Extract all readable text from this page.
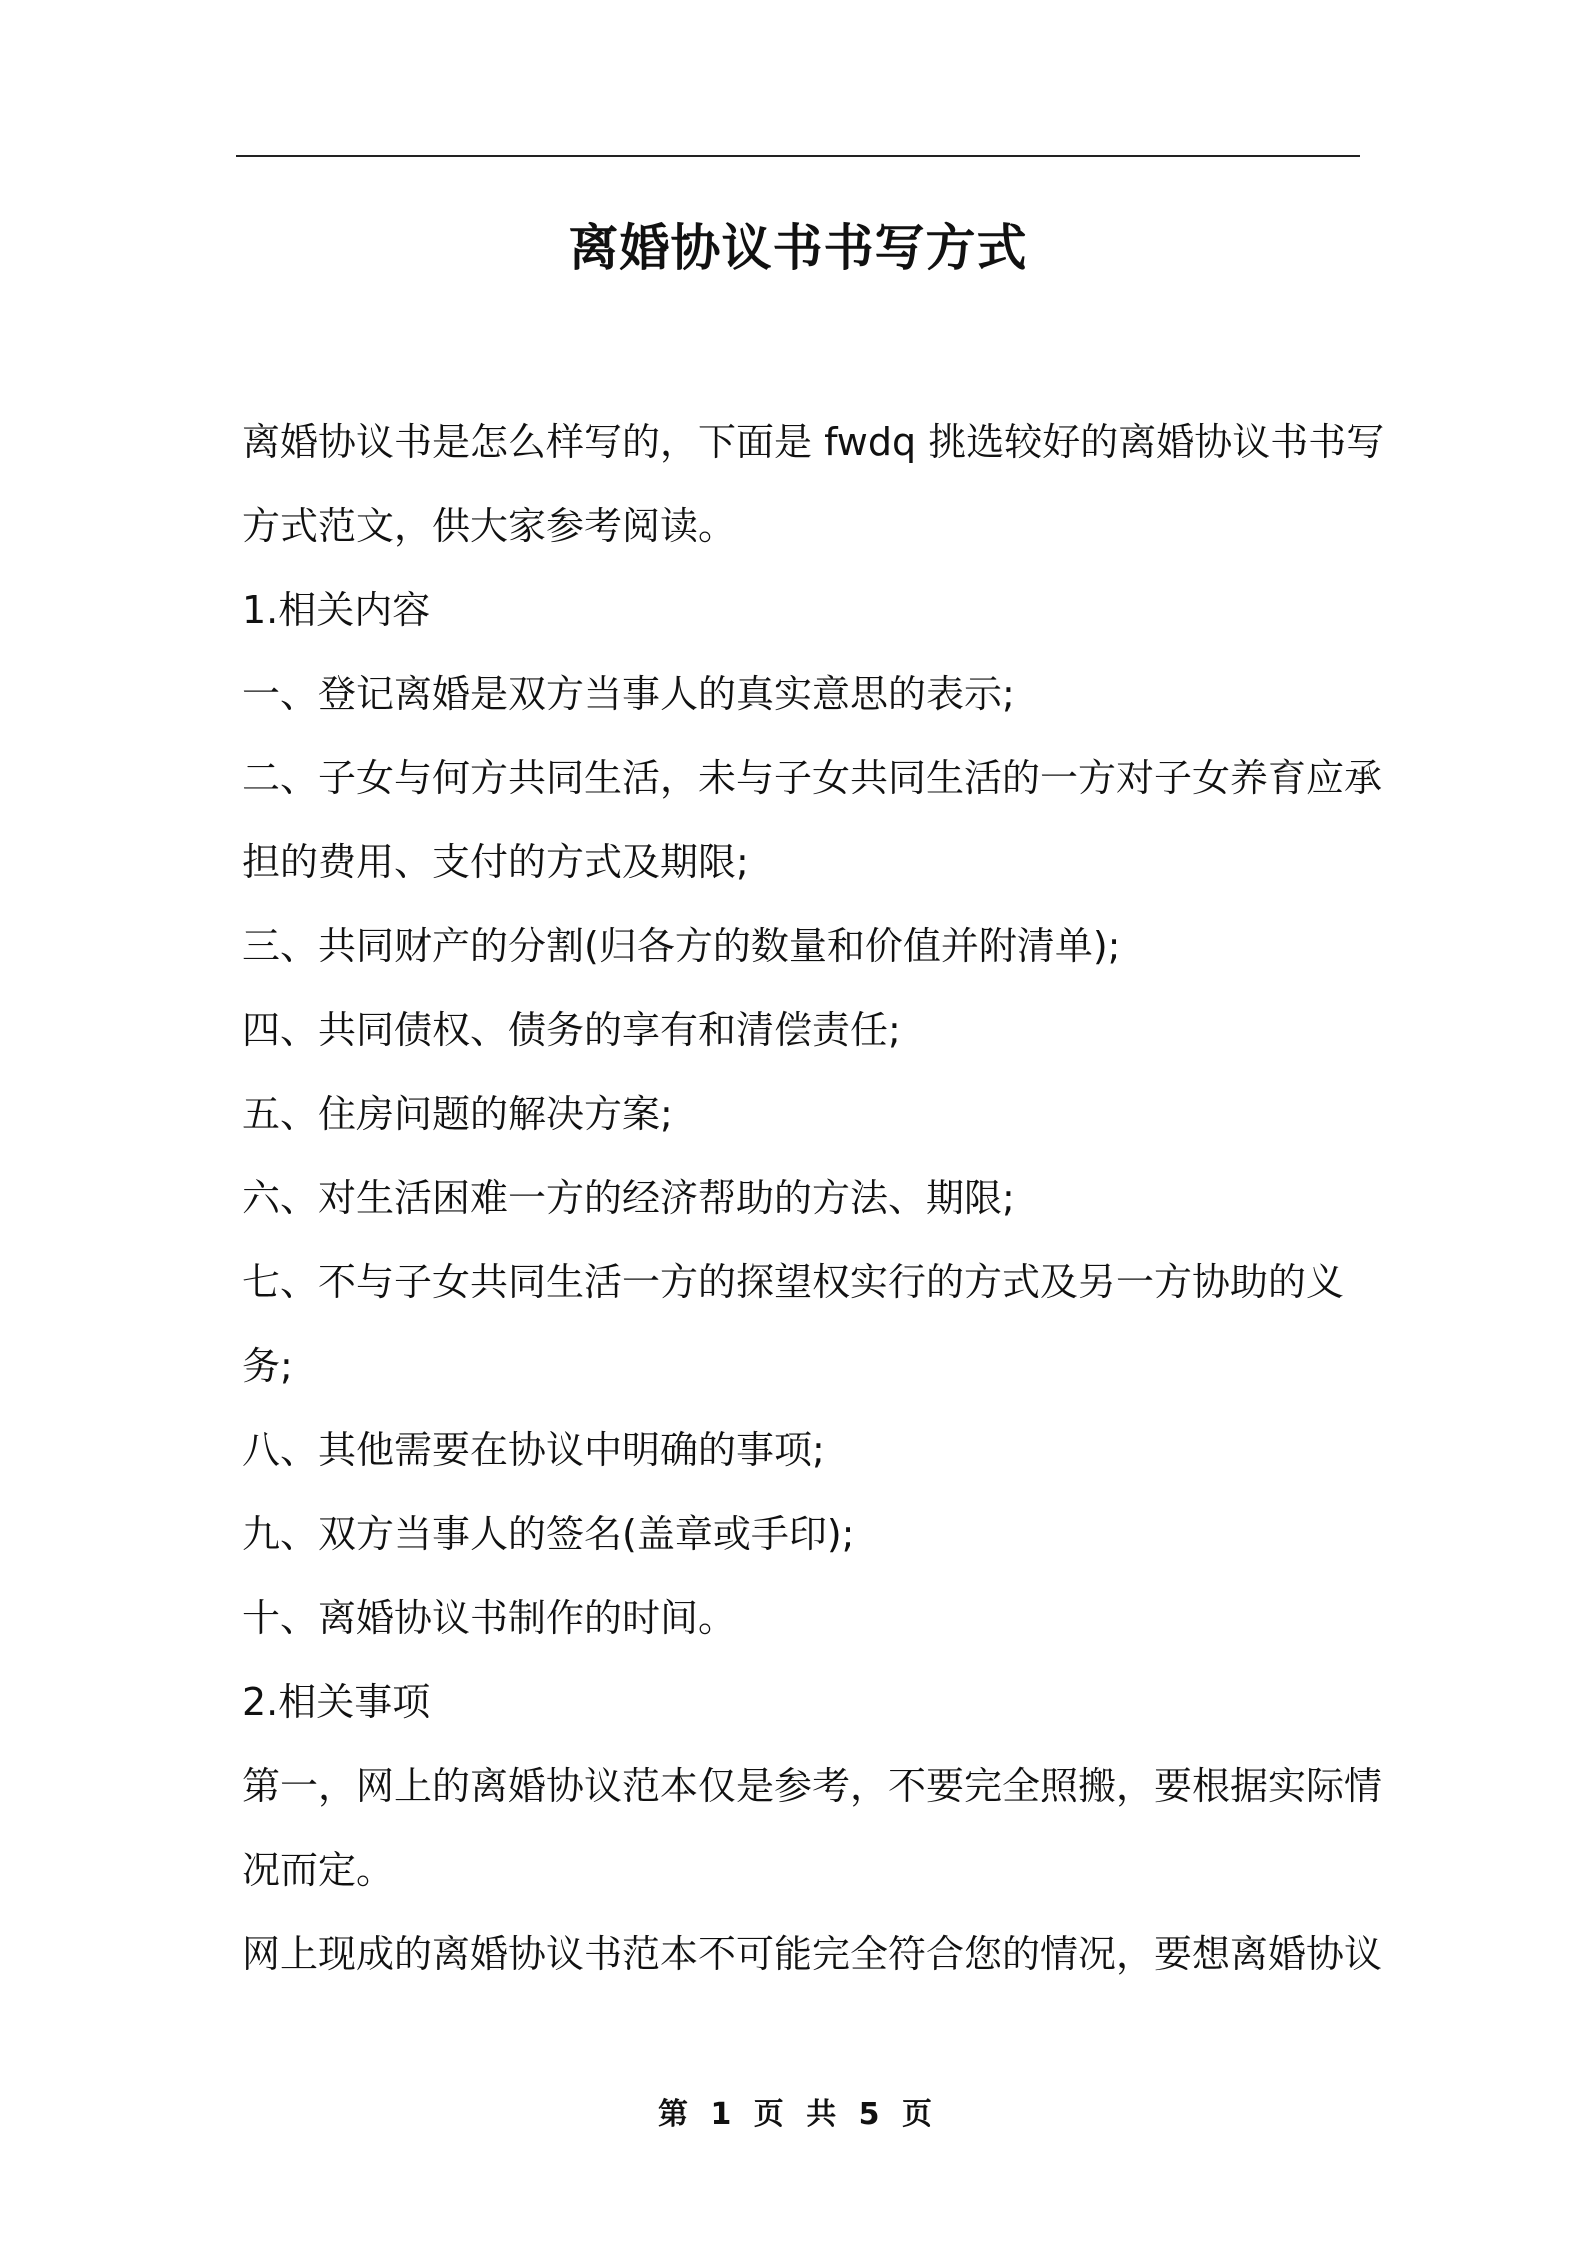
离婚协议书书写方式

离婚协议书是怎么样写的，下面是 fwdq 挑选较好的离婚协议书书写

方式范文，供大家参考阅读。

1.相关内容

一、登记离婚是双方当事人的真实意思的表示;

二、子女与何方共同生活，未与子女共同生活的一方对子女养育应承

担的费用、支付的方式及期限;

三、共同财产的分割(归各方的数量和价值并附清单);

四、共同债权、债务的享有和清偿责任;

五、住房问题的解决方案;

六、对生活困难一方的经济帮助的方法、期限;

七、不与子女共同生活一方的探望权实行的方式及另一方协助的义

务;

八、其他需要在协议中明确的事项;

九、双方当事人的签名(盖章或手印);

十、离婚协议书制作的时间。

2.相关事项

第一，网上的离婚协议范本仅是参考，不要完全照搬，要根据实际情

况而定。

网上现成的离婚协议书范本不可能完全符合您的情况，要想离婚协议

第 1 页 共 5 页
